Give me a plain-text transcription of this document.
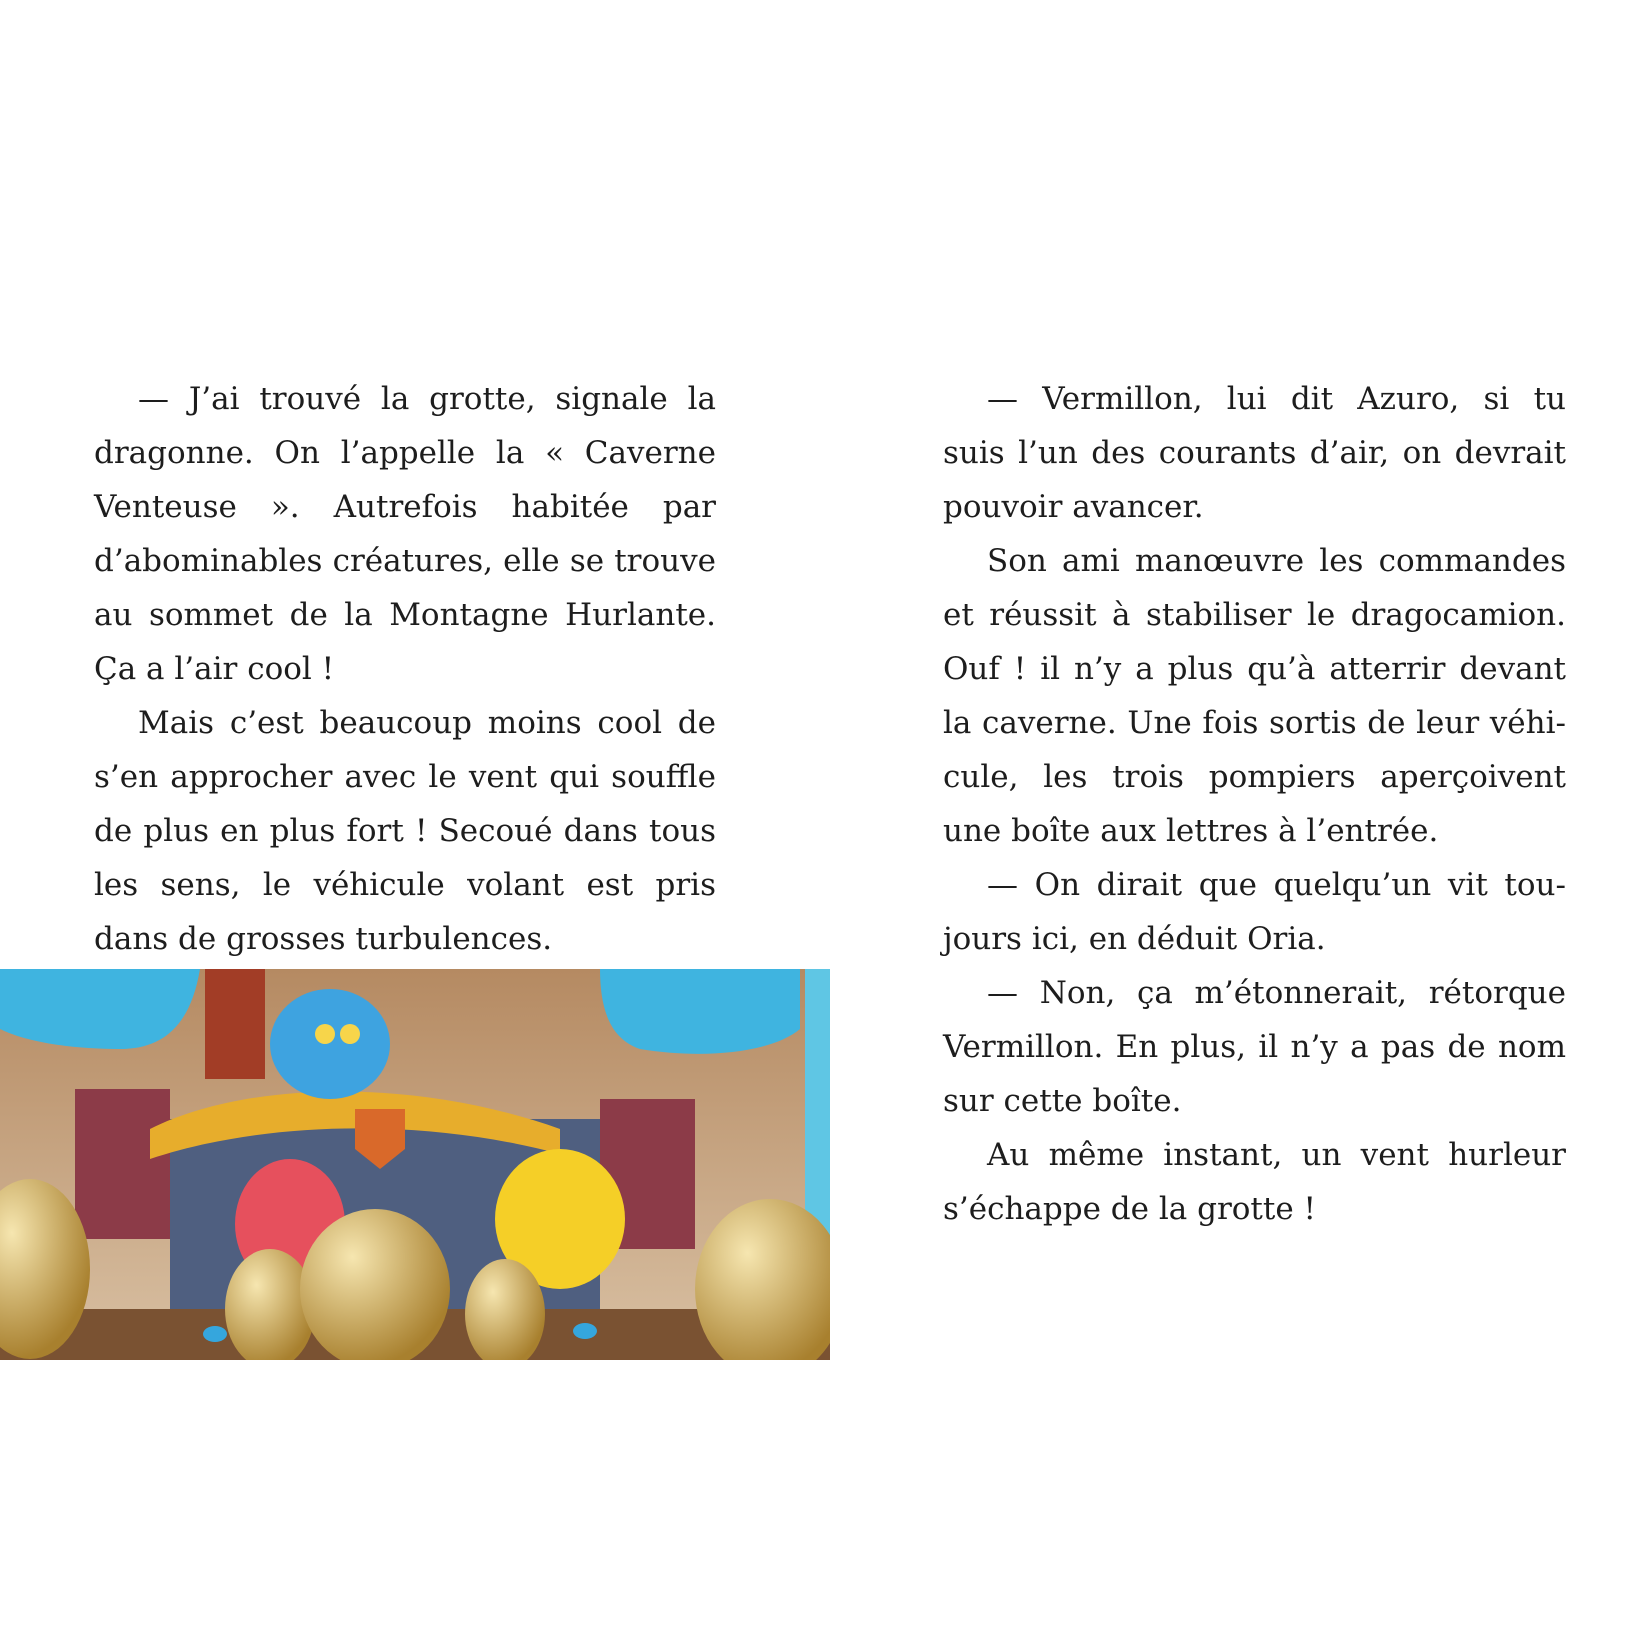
— J’ai trouvé la grotte, signale la
dragonne. On l’appelle la « Caverne
Venteuse ». Autrefois habitée par
d’abominables créatures, elle se trouve
au sommet de la Montagne Hurlante.
Ça a l’air cool !
Mais c’est beaucoup moins cool de
s’en approcher avec le vent qui souffle
de plus en plus fort ! Secoué dans tous
les sens, le véhicule volant est pris
dans de grosses turbulences.
— Vermillon, lui dit Azuro, si tu
suis l’un des courants d’air, on devrait
pouvoir avancer.
Son ami manœuvre les commandes
et réussit à stabiliser le dragocamion.
Ouf ! il n’y a plus qu’à atterrir devant
la caverne. Une fois sortis de leur véhi-
cule, les trois pompiers aperçoivent
une boîte aux lettres à l’entrée.
— On dirait que quelqu’un vit tou-
jours ici, en déduit Oria.
— Non, ça m’étonnerait, rétorque
Vermillon. En plus, il n’y a pas de nom
sur cette boîte.
Au même instant, un vent hurleur
s’échappe de la grotte !
